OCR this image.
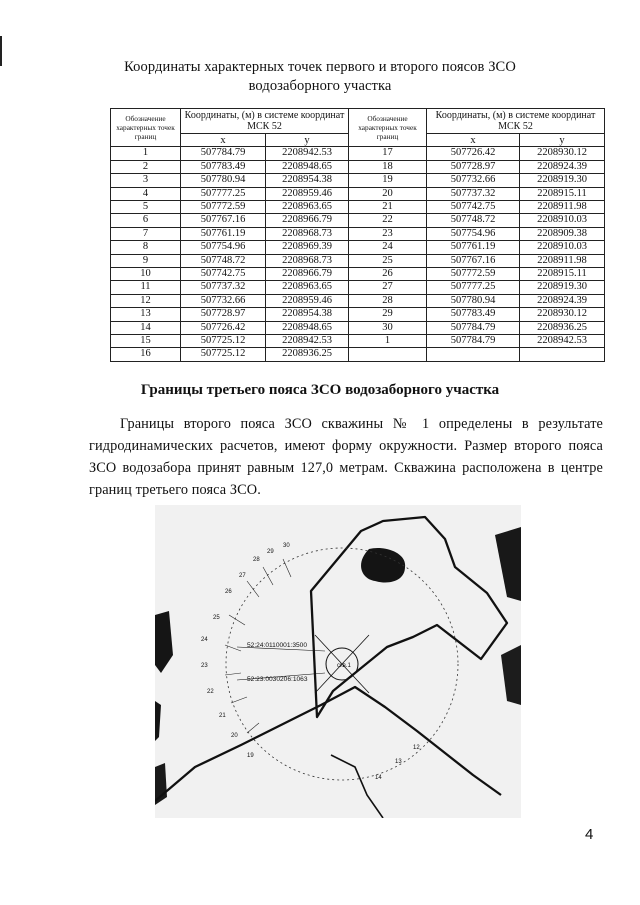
Координаты характерных точек первого и второго поясов ЗСО
водозаборного участка
Обозначение характерных точек границ	Координаты, (м) в системе координат МСК 52		Обозначение характерных точек границ	Координаты, (м) в системе координат МСК 52	
	x	y		x	y
1	507784.79	2208942.53	17	507726.42	2208930.12
2	507783.49	2208948.65	18	507728.97	2208924.39
3	507780.94	2208954.38	19	507732.66	2208919.30
4	507777.25	2208959.46	20	507737.32	2208915.11
5	507772.59	2208963.65	21	507742.75	2208911.98
6	507767.16	2208966.79	22	507748.72	2208910.03
7	507761.19	2208968.73	23	507754.96	2208909.38
8	507754.96	2208969.39	24	507761.19	2208910.03
9	507748.72	2208968.73	25	507767.16	2208911.98
10	507742.75	2208966.79	26	507772.59	2208915.11
11	507737.32	2208963.65	27	507777.25	2208919.30
12	507732.66	2208959.46	28	507780.94	2208924.39
13	507728.97	2208954.38	29	507783.49	2208930.12
14	507726.42	2208948.65	30	507784.79	2208936.25
15	507725.12	2208942.53	1	507784.79	2208942.53
16	507725.12	2208936.25			
Границы третьего пояса ЗСО водозаборного участка

Границы второго пояса ЗСО скважины № 1 определены в результате гидродинамических расчетов, имеют форму окружности. Размер второго пояса ЗСО водозабора принят равным 127,0 метрам. Скважина расположена в центре границ третьего пояса ЗСО.

52:24:0110001:3500
52:23:0030206:1063
скв.1
30
29
28
27
26
25
24
23
22
21
20
19
14
13
12
4
